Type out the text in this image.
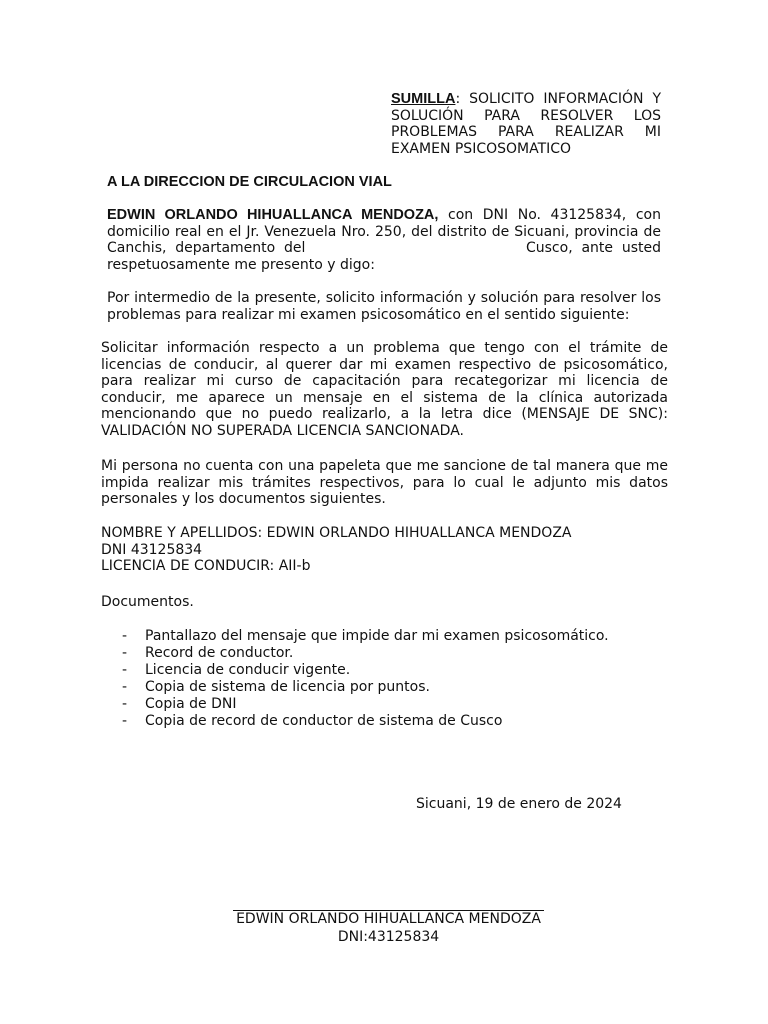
SUMILLA: SOLICITO INFORMACIÓN Y SOLUCIÓN PARA RESOLVER LOS PROBLEMAS PARA REALIZAR MI EXAMEN PSICOSOMATICO
A LA DIRECCION DE CIRCULACION VIAL
EDWIN ORLANDO HIHUALLANCA MENDOZA, con DNI No. 43125834, con domicilio real en el Jr. Venezuela Nro. 250, del distrito de Sicuani, provincia de Canchis, departamento del                         Cusco, ante usted respetuosamente me presento y digo:
Por intermedio de la presente, solicito información y solución para resolver los problemas para realizar mi examen psicosomático en el sentido siguiente:
Solicitar información respecto a un problema que tengo con el trámite de licencias de conducir, al querer dar mi examen respectivo de psicosomático, para realizar mi curso de capacitación para recategorizar mi licencia de conducir, me aparece un mensaje en el sistema de la clínica autorizada mencionando que no puedo realizarlo, a la letra dice (MENSAJE DE SNC): VALIDACIÓN NO SUPERADA LICENCIA SANCIONADA.
Mi persona no cuenta con una papeleta que me sancione de tal manera que me impida realizar mis trámites respectivos, para lo cual le adjunto mis datos personales y los documentos siguientes.
NOMBRE Y APELLIDOS: EDWIN ORLANDO HIHUALLANCA MENDOZA
DNI 43125834
LICENCIA DE CONDUCIR: AII-b
Documentos.
- Pantallazo del mensaje que impide dar mi examen psicosomático.
- Record de conductor.
- Licencia de conducir vigente.
- Copia de sistema de licencia por puntos.
- Copia de DNI
- Copia de record de conductor de sistema de Cusco
Sicuani, 19 de enero de 2024
EDWIN ORLANDO HIHUALLANCA MENDOZA
DNI:43125834
